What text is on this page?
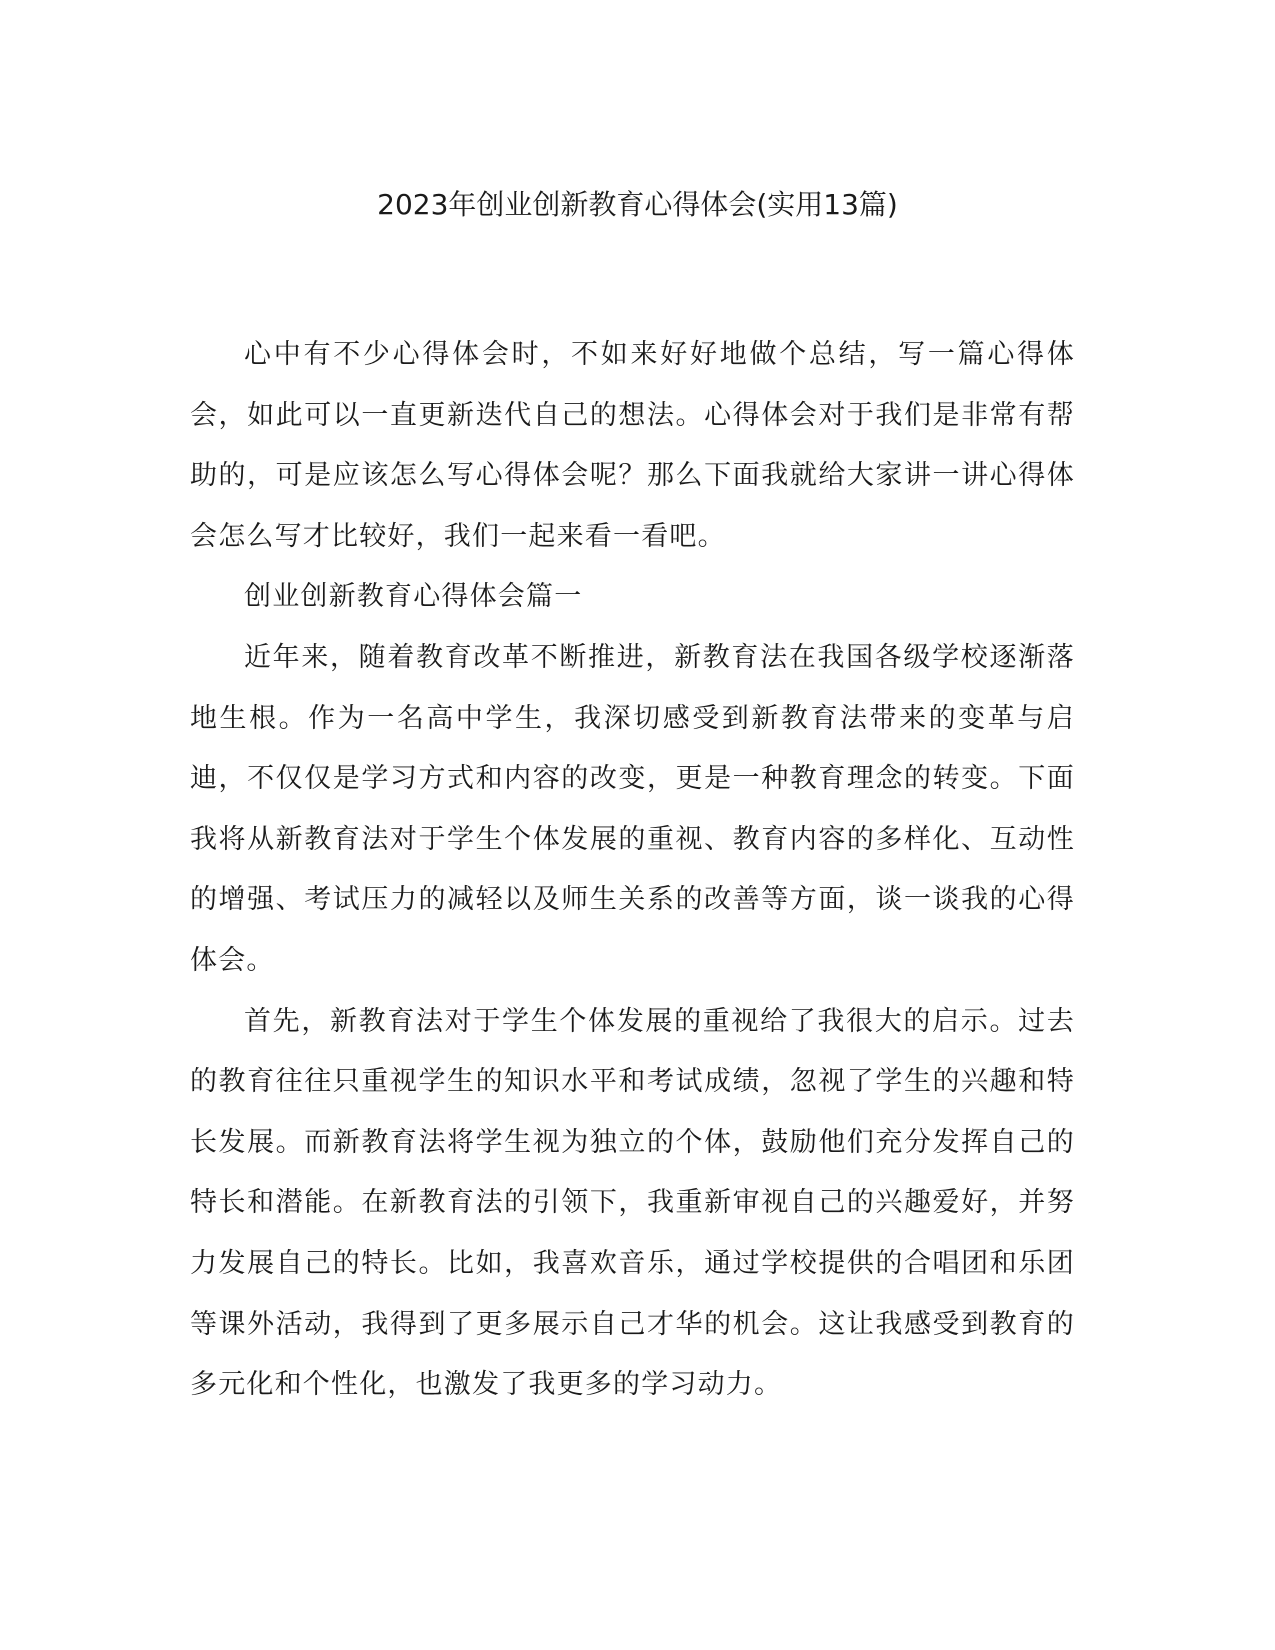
2023年创业创新教育心得体会(实用13篇)

心中有不少心得体会时，不如来好好地做个总结，写一篇心得体会，如此可以一直更新迭代自己的想法。心得体会对于我们是非常有帮助的，可是应该怎么写心得体会呢？那么下面我就给大家讲一讲心得体会怎么写才比较好，我们一起来看一看吧。

创业创新教育心得体会篇一

近年来，随着教育改革不断推进，新教育法在我国各级学校逐渐落地生根。作为一名高中学生，我深切感受到新教育法带来的变革与启迪，不仅仅是学习方式和内容的改变，更是一种教育理念的转变。下面我将从新教育法对于学生个体发展的重视、教育内容的多样化、互动性的增强、考试压力的减轻以及师生关系的改善等方面，谈一谈我的心得体会。

首先，新教育法对于学生个体发展的重视给了我很大的启示。过去的教育往往只重视学生的知识水平和考试成绩，忽视了学生的兴趣和特长发展。而新教育法将学生视为独立的个体，鼓励他们充分发挥自己的特长和潜能。在新教育法的引领下，我重新审视自己的兴趣爱好，并努力发展自己的特长。比如，我喜欢音乐，通过学校提供的合唱团和乐团等课外活动，我得到了更多展示自己才华的机会。这让我感受到教育的多元化和个性化，也激发了我更多的学习动力。
